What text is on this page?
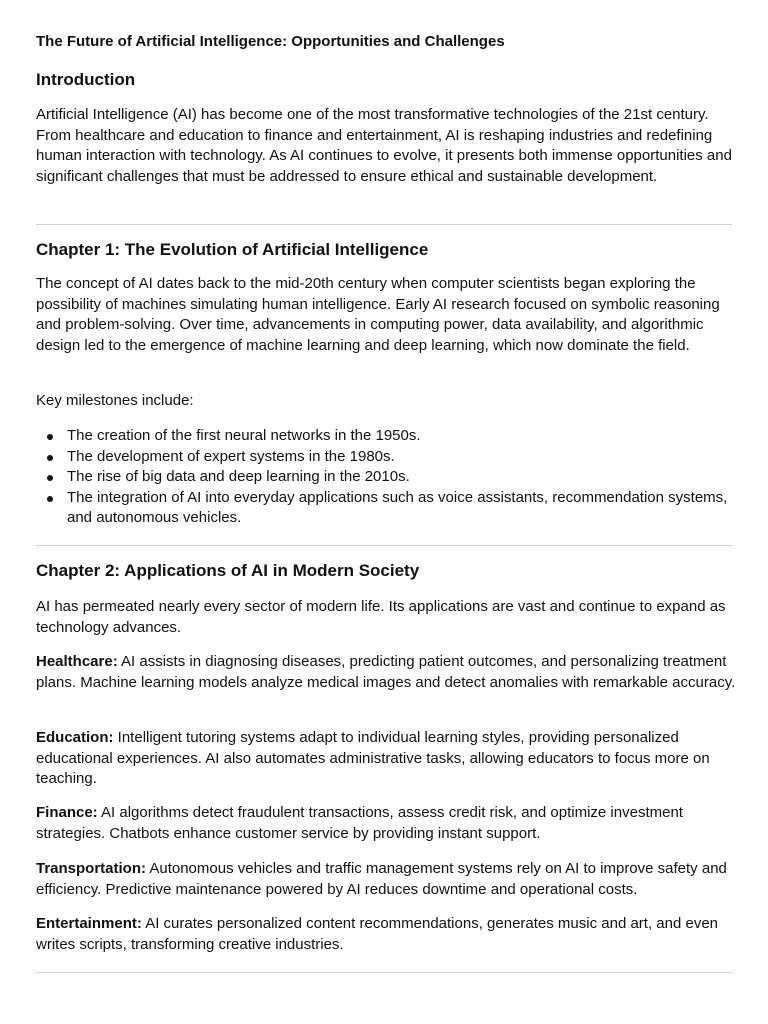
The Future of Artificial Intelligence: Opportunities and Challenges
Introduction

Artificial Intelligence (AI) has become one of the most transformative technologies of the 21st century. From healthcare and education to finance and entertainment, AI is reshaping industries and redefining human interaction with technology. As AI continues to evolve, it presents both immense opportunities and significant challenges that must be addressed to ensure ethical and sustainable development.

Chapter 1: The Evolution of Artificial Intelligence

The concept of AI dates back to the mid-20th century when computer scientists began exploring the possibility of machines simulating human intelligence. Early AI research focused on symbolic reasoning and problem-solving. Over time, advancements in computing power, data availability, and algorithmic design led to the emergence of machine learning and deep learning, which now dominate the field.

Key milestones include:

The creation of the first neural networks in the 1950s.
The development of expert systems in the 1980s.
The rise of big data and deep learning in the 2010s.
The integration of AI into everyday applications such as voice assistants, recommendation systems, and autonomous vehicles.
Chapter 2: Applications of AI in Modern Society

AI has permeated nearly every sector of modern life. Its applications are vast and continue to expand as technology advances.

Healthcare: AI assists in diagnosing diseases, predicting patient outcomes, and personalizing treatment plans. Machine learning models analyze medical images and detect anomalies with remarkable accuracy.

Education: Intelligent tutoring systems adapt to individual learning styles, providing personalized educational experiences. AI also automates administrative tasks, allowing educators to focus more on teaching.

Finance: AI algorithms detect fraudulent transactions, assess credit risk, and optimize investment strategies. Chatbots enhance customer service by providing instant support.

Transportation: Autonomous vehicles and traffic management systems rely on AI to improve safety and efficiency. Predictive maintenance powered by AI reduces downtime and operational costs.

Entertainment: AI curates personalized content recommendations, generates music and art, and even writes scripts, transforming creative industries.
